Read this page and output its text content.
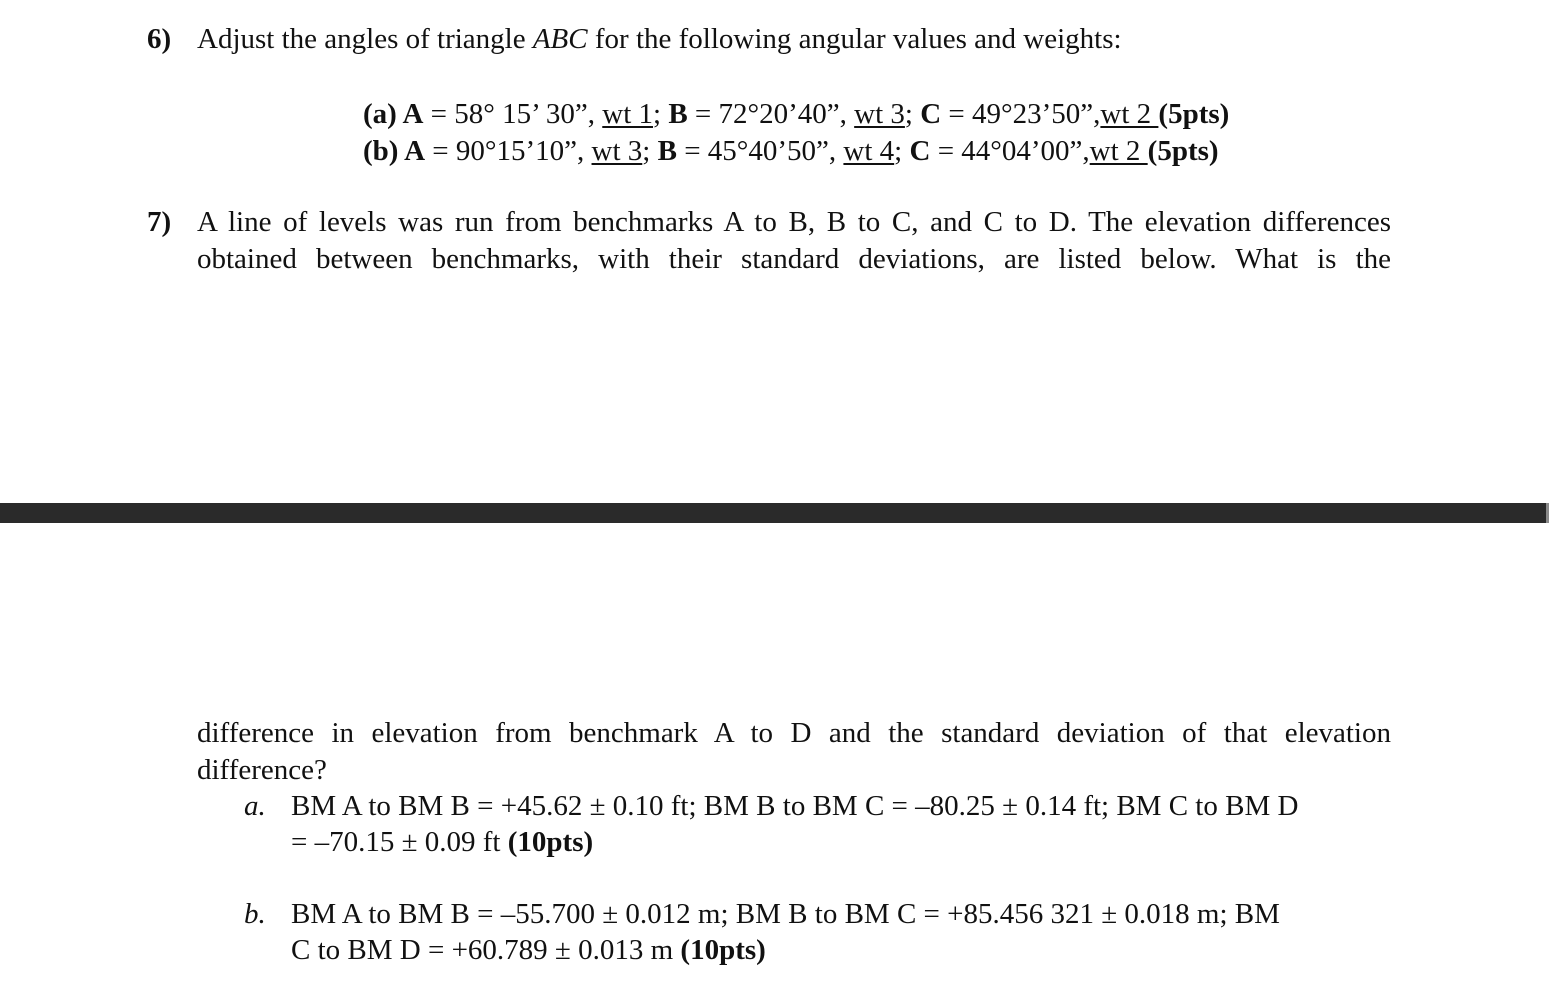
6) Adjust the angles of triangle ABC for the following angular values and weights:
(a) A = 58° 15’ 30”, wt 1; B = 72°20’40”, wt 3; C = 49°23’50”,wt 2 (5pts)
(b) A = 90°15’10”, wt 3; B = 45°40’50”, wt 4; C = 44°04’00”,wt 2 (5pts)
7) A line of levels was run from benchmarks A to B, B to C, and C to D. The elevation differences
obtained between benchmarks, with their standard deviations, are listed below. What is the
difference in elevation from benchmark A to D and the standard deviation of that elevation
difference?
a. BM A to BM B = +45.62 ± 0.10 ft; BM B to BM C = –80.25 ± 0.14 ft; BM C to BM D
= –70.15 ± 0.09 ft (10pts)
b. BM A to BM B = –55.700 ± 0.012 m; BM B to BM C = +85.456 321 ± 0.018 m; BM
C to BM D = +60.789 ± 0.013 m (10pts)
